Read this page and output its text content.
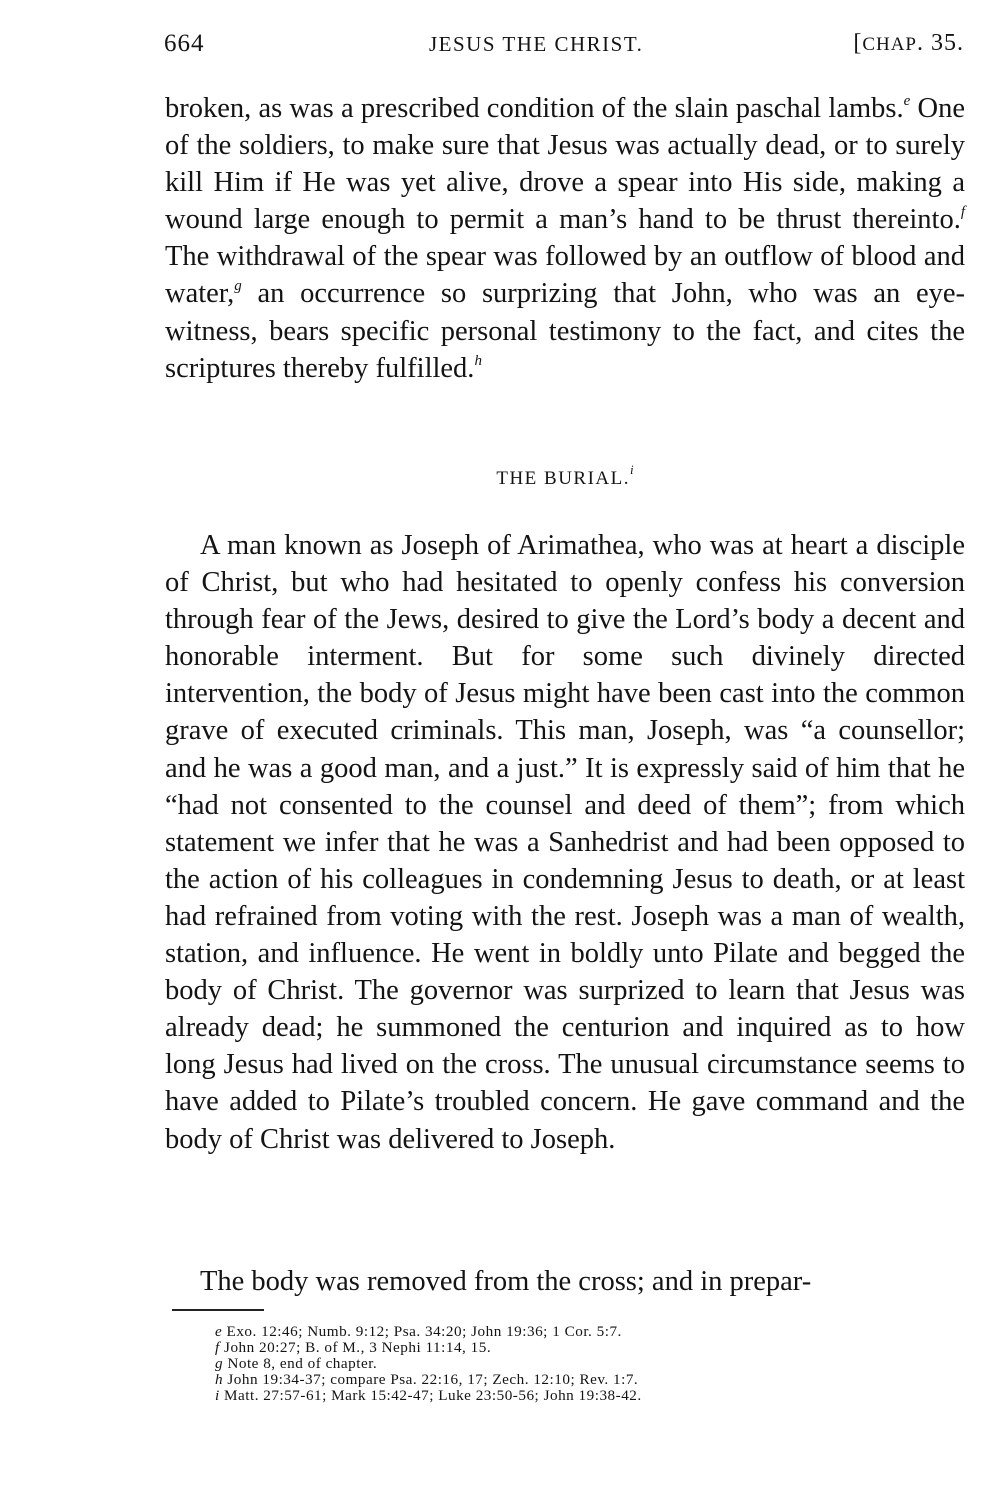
664	JESUS THE CHRIST.	[CHAP. 35.
broken, as was a prescribed condition of the slain paschal lambs.$^e$ One of the soldiers, to make sure that Jesus was actually dead, or to surely kill Him if He was yet alive, drove a spear into His side, making a wound large enough to permit a man’s hand to be thrust thereinto.$^f$ The withdrawal of the spear was followed by an outflow of blood and water,$^g$ an occurrence so surprizing that John, who was an eye-witness, bears specific personal testimony to the fact, and cites the scriptures thereby fulfilled.$^h$
THE BURIAL.$^i$
A man known as Joseph of Arimathea, who was at heart a disciple of Christ, but who had hesitated to openly confess his conversion through fear of the Jews, desired to give the Lord’s body a decent and honorable interment. But for some such divinely directed intervention, the body of Jesus might have been cast into the common grave of executed criminals. This man, Joseph, was “a counsellor; and he was a good man, and a just.” It is expressly said of him that he “had not consented to the counsel and deed of them”; from which statement we infer that he was a Sanhedrist and had been opposed to the action of his colleagues in condemning Jesus to death, or at least had refrained from voting with the rest. Joseph was a man of wealth, station, and influence. He went in boldly unto Pilate and begged the body of Christ. The governor was surprized to learn that Jesus was already dead; he summoned the centurion and inquired as to how long Jesus had lived on the cross. The unusual circumstance seems to have added to Pilate’s troubled concern. He gave command and the body of Christ was delivered to Joseph.
The body was removed from the cross; and in prepar-
e Exo. 12:46; Numb. 9:12; Psa. 34:20; John 19:36; 1 Cor. 5:7.
f John 20:27; B. of M., 3 Nephi 11:14, 15.
g Note 8, end of chapter.
h John 19:34-37; compare Psa. 22:16, 17; Zech. 12:10; Rev. 1:7.
i Matt. 27:57-61; Mark 15:42-47; Luke 23:50-56; John 19:38-42.
